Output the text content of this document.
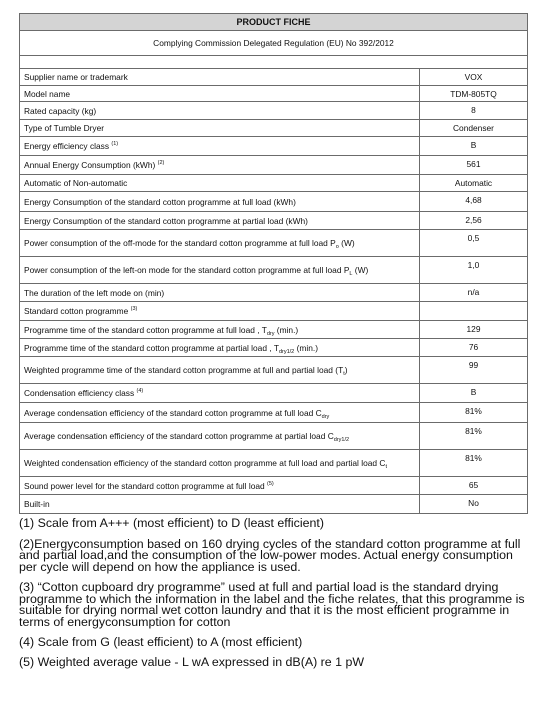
PRODUCT FICHE	
Complying Commission Delegated Regulation (EU) No 392/2012	

Supplier name or trademark	VOX
Model name	TDM-805TQ
Rated capacity (kg)	8
Type of Tumble Dryer	Condenser
Energy efficiency class $^{(1)}$	B
Annual Energy Consumption (kWh) $^{(2)}$	561
Automatic of Non-automatic	Automatic
Energy Consumption of the standard cotton programme at full load (kWh)	4,68
Energy Consumption of the standard cotton programme at partial load (kWh)	2,56
Power consumption of the off-mode for the standard cotton programme at full load $P_o$ (W)	0,5
Power consumption of the left-on mode for the standard cotton programme at full load $P_L$ (W)	1,0
The duration of the left mode on (min)	n/a
Standard cotton programme $^{(3)}$	
Programme time of the standard cotton programme at full load , $T_{dry}$ (min.)	129
Programme time of the standard cotton programme at partial load , $T_{dry1/2}$ (min.)	76
Weighted programme time of the standard cotton programme at full and partial load $(T_t)$	99
Condensation efficiency class $^{(4)}$	B
Average condensation efficiency of the standard cotton programme at full load $C_{dry}$	81%
Average condensation efficiency of the standard cotton programme at partial load $C_{dry1/2}$	81%
Weighted condensation efficiency of the standard cotton programme at full load and partial load $C_t$	81%
Sound power level for the standard cotton programme at full load $^{(5)}$	65
Built-in	No

(1) Scale from A+++ (most efficient) to D (least efficient)

(2)Energyconsumption based on 160 drying cycles of the standard cotton programme at full and partial load,and the consumption of the low-power modes. Actual energy consumption per cycle will depend on how the appliance is used.

(3) “Cotton cupboard dry programme” used at full and partial load is the standard drying programme to which the information in the label and the fiche relates, that this programme is suitable for drying normal wet cotton laundry and that it is the most efficient programme in terms of energyconsumption for cotton

(4) Scale from G (least efficient) to A (most efficient)

(5) Weighted average value - L wA expressed in dB(A) re 1 pW
